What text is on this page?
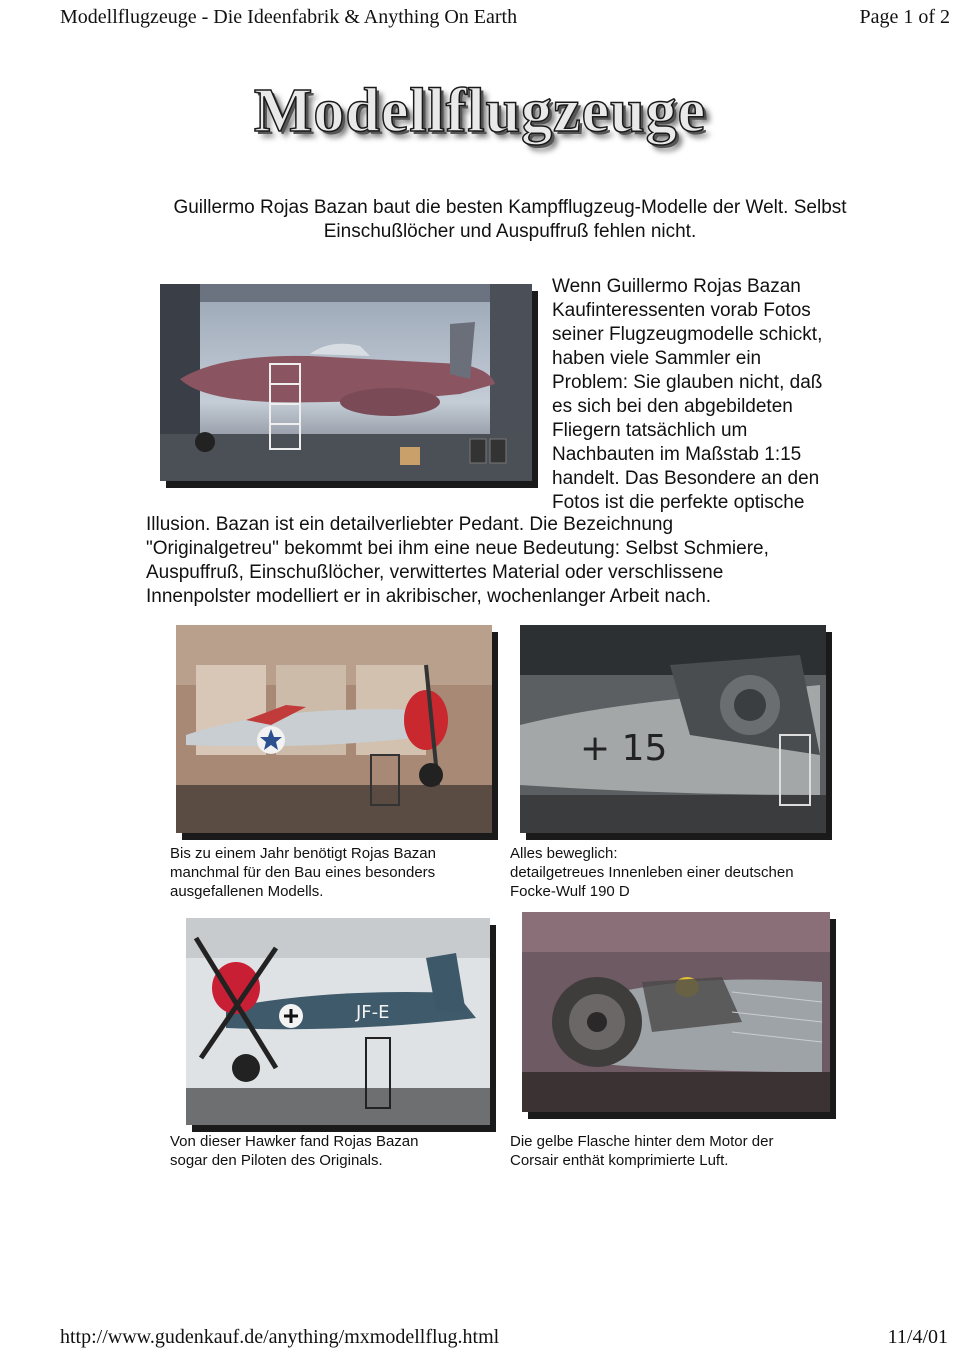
Modellflugzeuge - Die Ideenfabrik & Anything On Earth	Page 1 of 2
Modellflugzeuge
Guillermo Rojas Bazan baut die besten Kampfflugzeug-Modelle der Welt. Selbst
Einschußlöcher und Auspuffruß fehlen nicht.
Wenn Guillermo Rojas Bazan
Kaufinteressenten vorab Fotos
seiner Flugzeugmodelle schickt,
haben viele Sammler ein
Problem: Sie glauben nicht, daß
es sich bei den abgebildeten
Fliegern tatsächlich um
Nachbauten im Maßstab 1:15
handelt. Das Besondere an den
Fotos ist die perfekte optische
Illusion. Bazan ist ein detailverliebter Pedant. Die Bezeichnung
"Originalgetreu" bekommt bei ihm eine neue Bedeutung: Selbst Schmiere,
Auspuffruß, Einschußlöcher, verwittertes Material oder verschlissene
Innenpolster modelliert er in akribischer, wochenlanger Arbeit nach.
+ 15
Bis zu einem Jahr benötigt Rojas Bazan
manchmal für den Bau eines besonders
ausgefallenen Modells.
Alles beweglich:
detailgetreues Innenleben einer deutschen
Focke-Wulf 190 D
JF-E
Von dieser Hawker fand Rojas Bazan
sogar den Piloten des Originals.
Die gelbe Flasche hinter dem Motor der
Corsair enthät komprimierte Luft.
http://www.gudenkauf.de/anything/mxmodellflug.html	11/4/01
